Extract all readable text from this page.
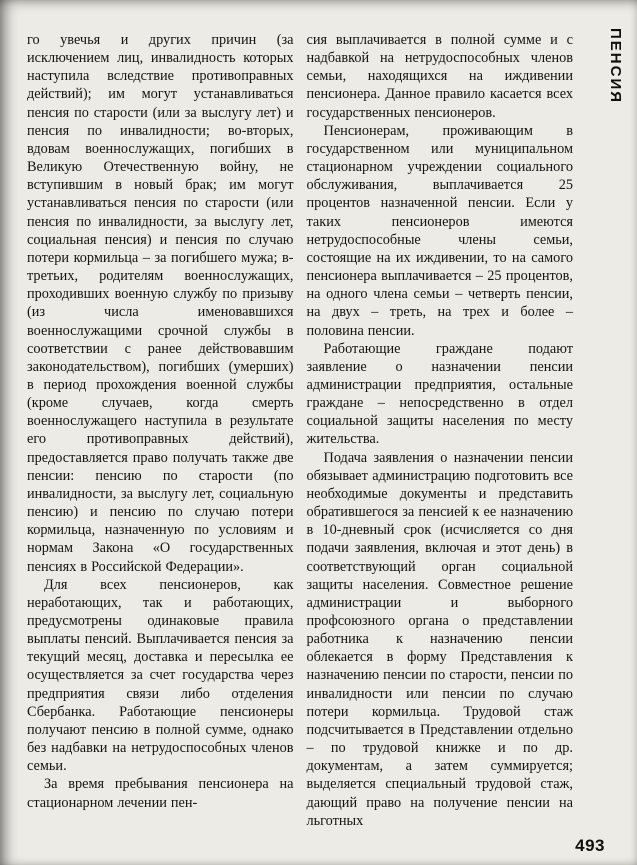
го увечья и других причин (за исключением лиц, инвалидность которых наступила вследствие противоправных действий); им могут устанавливаться пенсия по старости (или за выслугу лет) и пенсия по инвалидности; во-вторых, вдовам военнослужащих, погибших в Великую Отечественную войну, не вступившим в новый брак; им могут устанавливаться пенсия по старости (или пенсия по инвалидности, за выслугу лет, социальная пенсия) и пенсия по случаю потери кормильца – за погибшего мужа; в-третьих, родителям военнослужащих, проходивших военную службу по призыву (из числа именовавшихся военнослужащими срочной службы в соответствии с ранее действовавшим законодательством), погибших (умерших) в период прохождения военной службы (кроме случаев, когда смерть военнослужащего наступила в результате его противоправных действий), предоставляется право получать также две пенсии: пенсию по старости (по инвалидности, за выслугу лет, социальную пенсию) и пенсию по случаю потери кормильца, назначенную по условиям и нормам Закона «О государственных пенсиях в Российской Федерации».

Для всех пенсионеров, как неработающих, так и работающих, предусмотрены одинаковые правила выплаты пенсий. Выплачивается пенсия за текущий месяц, доставка и пересылка ее осуществляется за счет государства через предприятия связи либо отделения Сбербанка. Работающие пенсионеры получают пенсию в полной сумме, однако без надбавки на нетрудоспособных членов семьи.

За время пребывания пенсионера на стационарном лечении пен-

сия выплачивается в полной сумме и с надбавкой на нетрудоспособных членов семьи, находящихся на иждивении пенсионера. Данное правило касается всех государственных пенсионеров.

Пенсионерам, проживающим в государственном или муниципальном стационарном учреждении социального обслуживания, выплачивается 25 процентов назначенной пенсии. Если у таких пенсионеров имеются нетрудоспособные члены семьи, состоящие на их иждивении, то на самого пенсионера выплачивается – 25 процентов, на одного члена семьи – четверть пенсии, на двух – треть, на трех и более – половина пенсии.

Работающие граждане подают заявление о назначении пенсии администрации предприятия, остальные граждане – непосредственно в отдел социальной защиты населения по месту жительства.

Подача заявления о назначении пенсии обязывает администрацию подготовить все необходимые документы и представить обратившегося за пенсией к ее назначению в 10-дневный срок (исчисляется со дня подачи заявления, включая и этот день) в соответствующий орган социальной защиты населения. Совместное решение администрации и выборного профсоюзного органа о представлении работника к назначению пенсии облекается в форму Представления к назначению пенсии по старости, пенсии по инвалидности или пенсии по случаю потери кормильца. Трудовой стаж подсчитывается в Представлении отдельно – по трудовой книжке и по др. документам, а затем суммируется; выделяется специальный трудовой стаж, дающий право на получение пенсии на льготных

ПЕНСИЯ
493
